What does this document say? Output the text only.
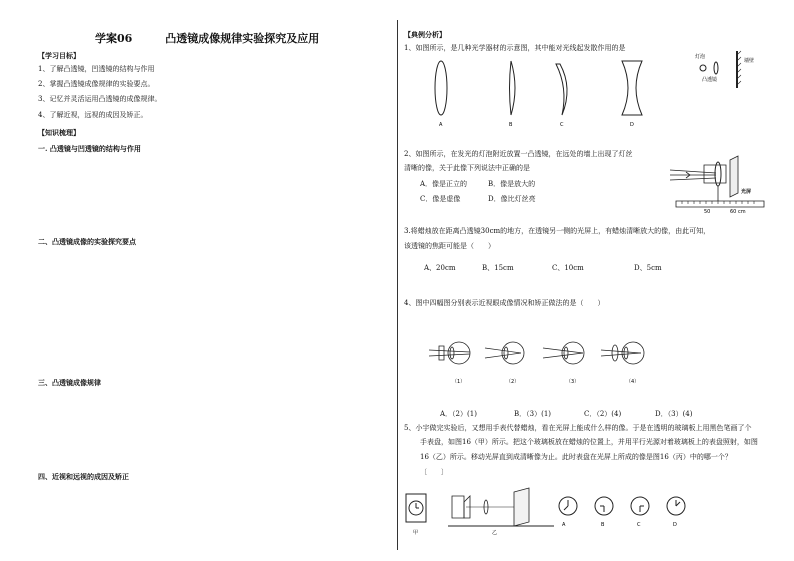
学案06　　　凸透镜成像规律实验探究及应用
【学习目标】
1、了解凸透镜，凹透镜的结构与作用
2、掌握凸透镜成像规律的实验要点。
3、记忆并灵活运用凸透镜的成像规律。
4、了解近视，远视的成因及矫正。
【知识梳理】
一. 凸透镜与凹透镜的结构与作用
二、凸透镜成像的实验探究要点
三、凸透镜成像规律
四、近视和远视的成因及矫正
【典例分析】
1、如图所示，是几种光学器材的示意图，其中能对光线起发散作用的是
A	B	C	D
灯泡
凸透镜
墙壁
2、如图所示，在发光的灯泡附近放置一凸透镜，在远处的墙上出现了灯丝
清晰的像，关于此像下列说法中正确的是
A．像是正立的	B．像是放大的
C．像是虚像	D．像比灯丝亮
光屏
50	60 cm
3.将蜡烛放在距离凸透镜30cm的地方，在透镜另一侧的光屏上，有蜡烛清晰放大的像，由此可知，
该透镜的焦距可能是（　　）
A、20cm	B、15cm	C、10cm	D、5cm
4、图中四幅图分别表示近视眼成像情况和矫正做法的是（　　）
（1）	（2）	（3）	（4）
A．（2）(1)	B．（3）(1)	C．（2）(4)	D．（3）(4)
5、小宇做完实验后，又想用手表代替蜡烛，看在光屏上能成什么样的像。于是在透明的玻璃板上用黑色笔画了个
手表盘，如图16（甲）所示。把这个玻璃板放在蜡烛的位置上，并用平行光源对着玻璃板上的表盘照射，如图
16（乙）所示。移动光屏直到成清晰像为止。此时表盘在光屏上所成的像是图16（丙）中的哪一个？
〔　　〕
甲	乙
A	B	C	D
